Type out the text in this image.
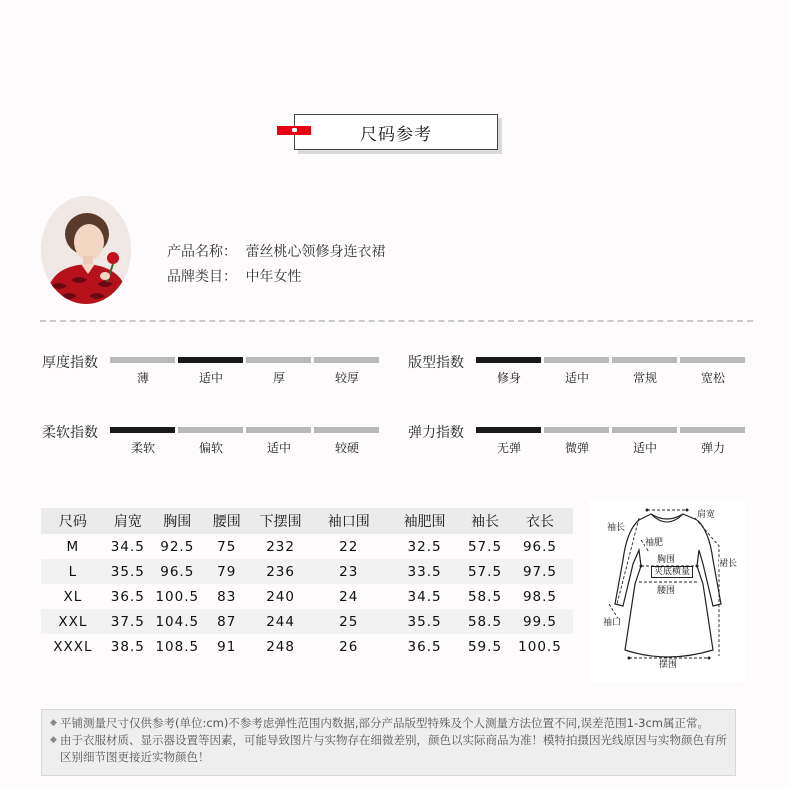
尺码参考
产品名称： 蕾丝桃心领修身连衣裙
品牌类目： 中年女性
厚度指数
薄	适中	厚	较厚
版型指数
修身	适中	常规	宽松
柔软指数
柔软	偏软	适中	较硬
弹力指数
无弹	微弹	适中	弹力
尺码	肩宽	胸围	腰围	下摆围	袖口围	袖肥围	袖长	衣长
M	34.5	92.5	75	232	22	32.5	57.5	96.5
L	35.5	96.5	79	236	23	33.5	57.5	97.5
XL	36.5	100.5	83	240	24	34.5	58.5	98.5
XXL	37.5	104.5	87	244	25	35.5	58.5	99.5
XXXL	38.5	108.5	91	248	26	36.5	59.5	100.5
肩宽
袖长
袖肥
胸围
夹底横量
腰围
裙长
袖口
摆围

◆ 平铺测量尺寸仅供参考(单位:cm)不参考虑弹性范围内数据,部分产品版型特殊及个人测量方法位置不同,误差范围1-3cm属正常。

◆ 由于衣服材质、显示器设置等因素，可能导致图片与实物存在细微差别，颜色以实际商品为准！模特拍摄因光线原因与实物颜色有所区别细节图更接近实物颜色！
